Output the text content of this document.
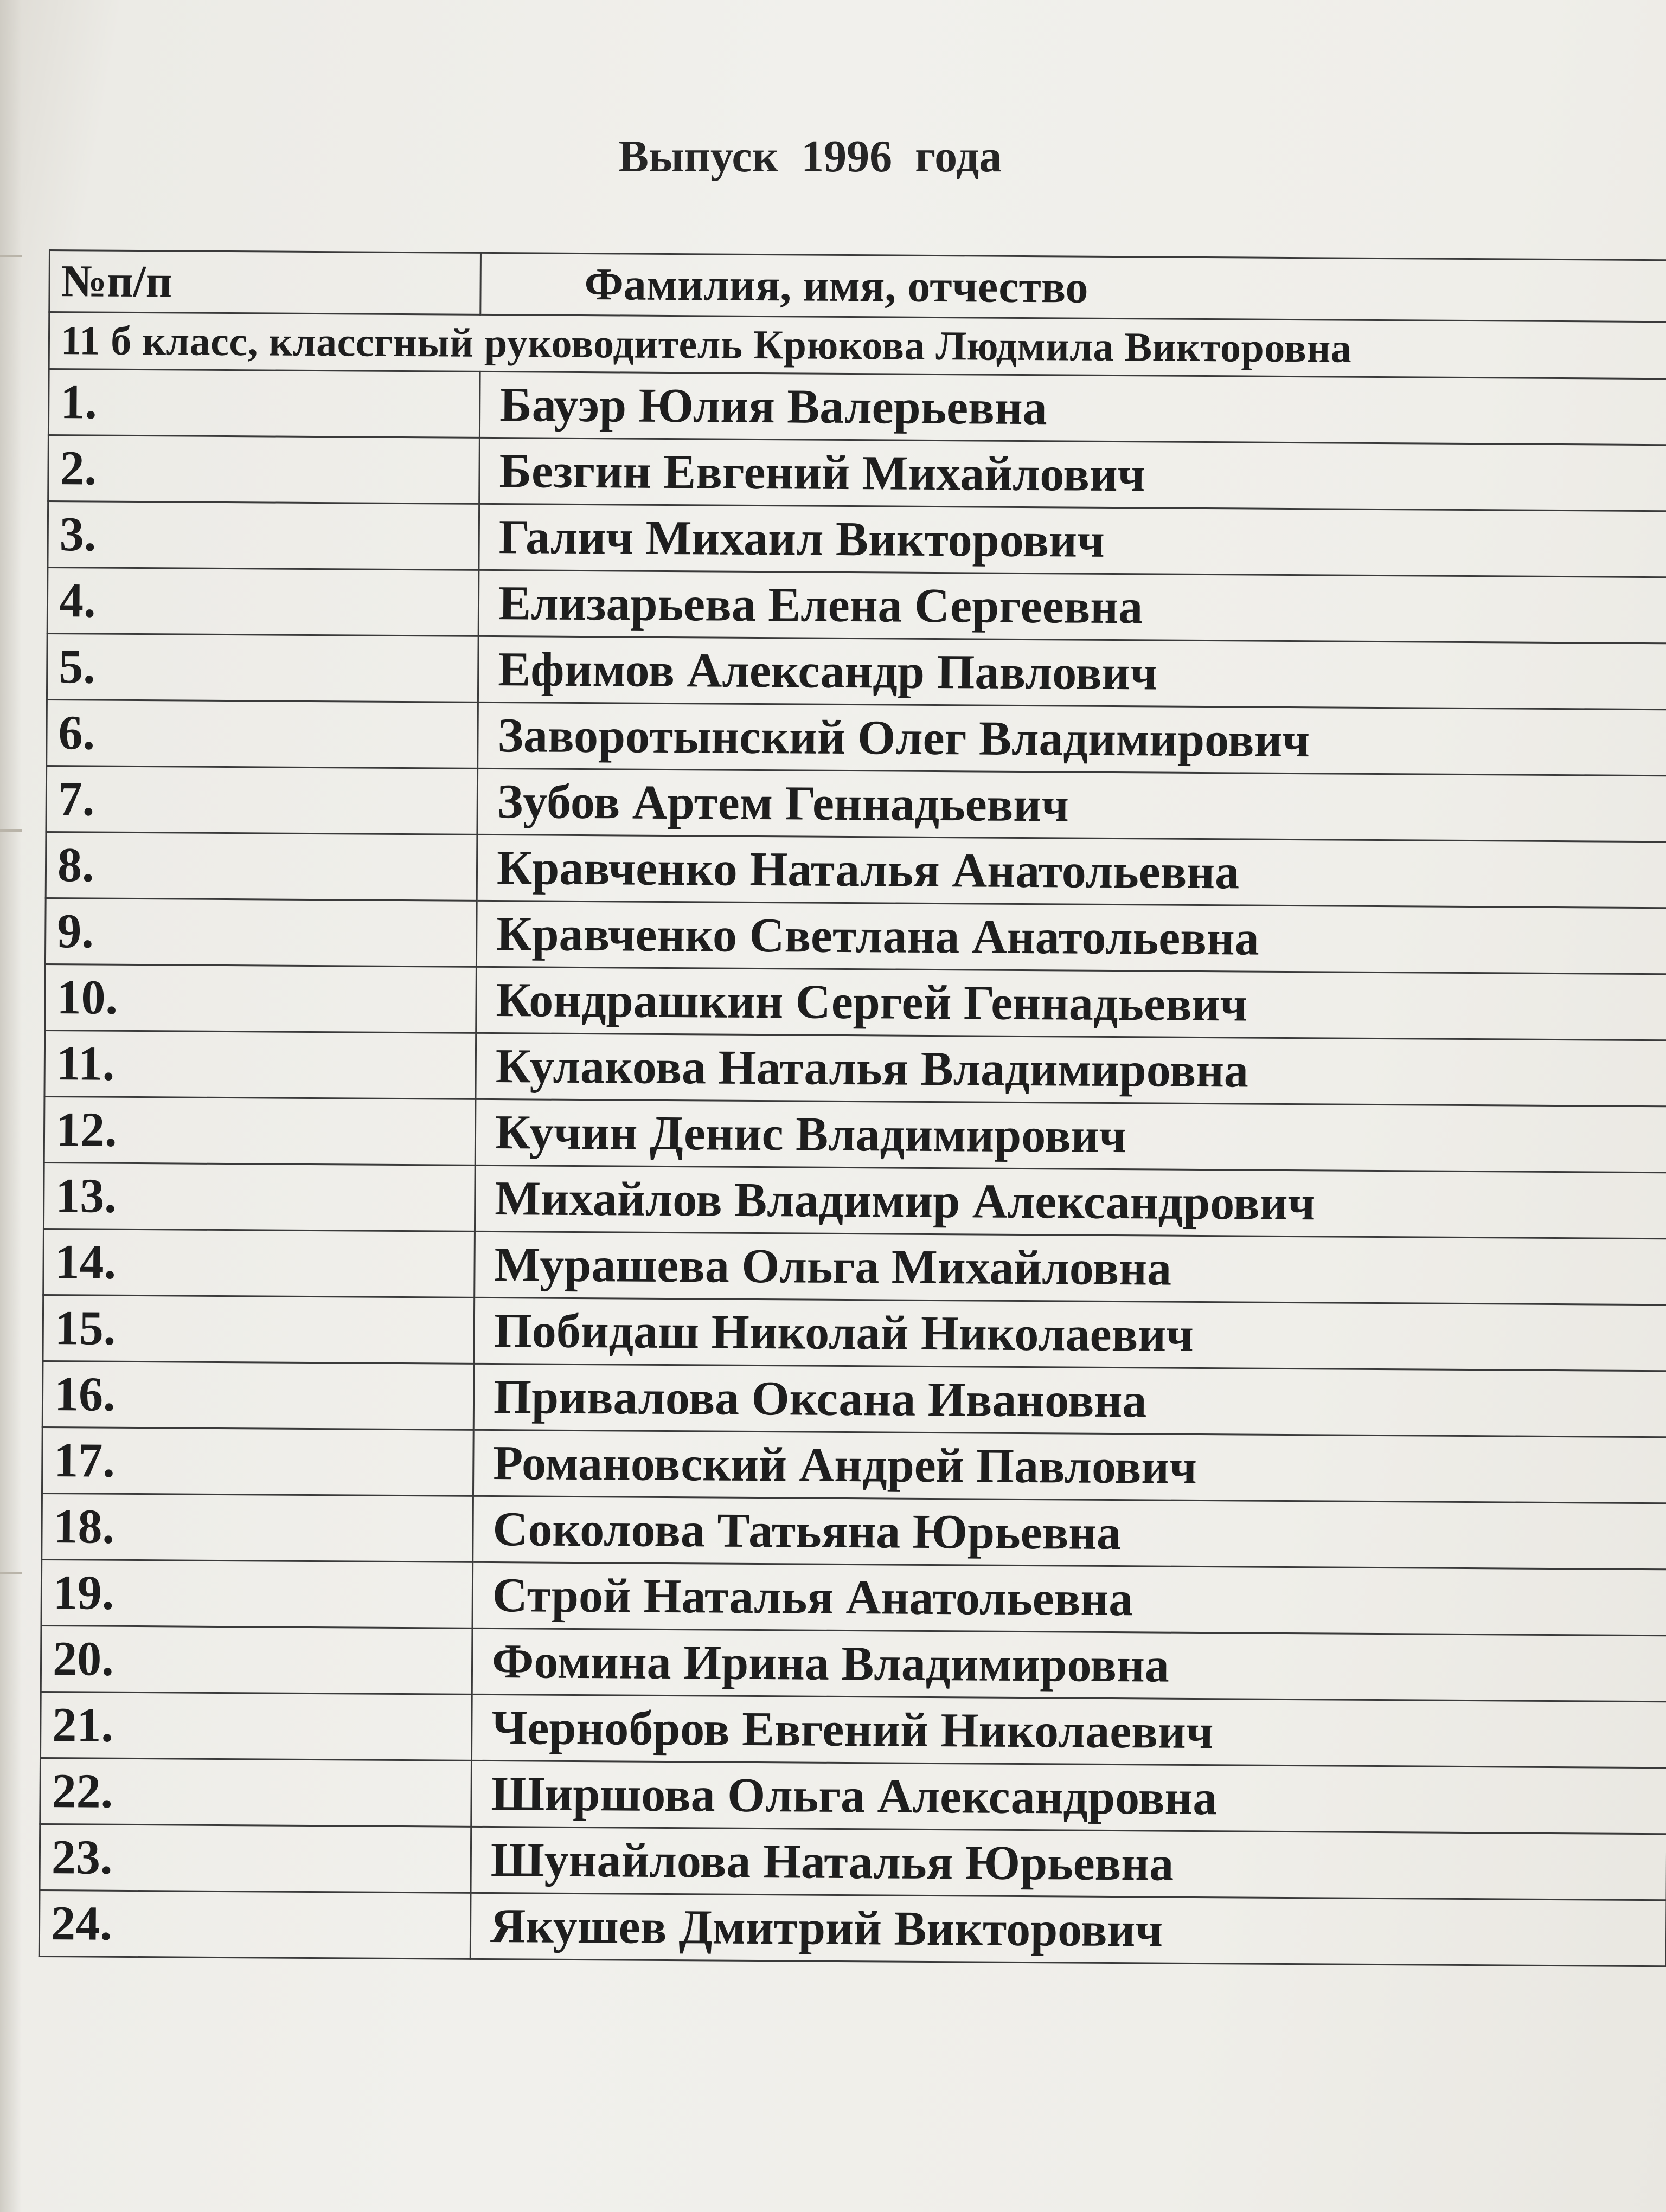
Выпуск  1996  года
№п/п	Фамилия, имя, отчество
11 б класс, классгный руководитель Крюкова Людмила Викторовна	
1.	Бауэр Юлия Валерьевна
2.	Безгин Евгений Михайлович
3.	Галич Михаил Викторович
4.	Елизарьева Елена Сергеевна
5.	Ефимов Александр Павлович
6.	Заворотынский Олег Владимирович
7.	Зубов Артем Геннадьевич
8.	Кравченко Наталья Анатольевна
9.	Кравченко Светлана Анатольевна
10.	Кондрашкин Сергей Геннадьевич
11.	Кулакова Наталья Владимировна
12.	Кучин Денис Владимирович
13.	Михайлов Владимир Александрович
14.	Мурашева Ольга Михайловна
15.	Побидаш Николай Николаевич
16.	Привалова Оксана Ивановна
17.	Романовский Андрей Павлович
18.	Соколова Татьяна Юрьевна
19.	Строй Наталья Анатольевна
20.	Фомина Ирина Владимировна
21.	Чернобров Евгений Николаевич
22.	Ширшова Ольга Александровна
23.	Шунайлова Наталья Юрьевна
24.	Якушев Дмитрий Викторович
